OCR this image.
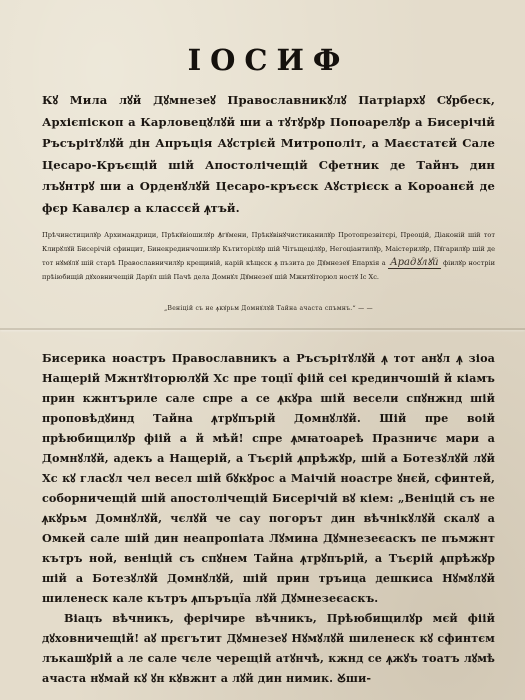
ІОСИФ

Кꙋ Мила лꙋй Дꙋмнезеꙋ Православникꙋлꙋ Патріархꙋ Сꙋрбеск, Архієпіскоп а Карловецꙋлꙋй ши а тꙋтꙋрꙋр Попоарелꙋр а Бисерічій Ръсърітꙋлꙋй дін Апръція Аꙋстрієй Митрополіт, а Маєстатєй Сале Цесаро-Кръєщій шій Апостолічещій Сфетник де Тайнъ дин лъꙋнтрꙋ ши а Орденꙋлꙋй Цесаро-кръєск Аꙋстрієск а Короанєй де фєр Кавалєр а классєй ꙟтъй.

Прѣчинстицилꙋр Архимандрици, Прѣкꙋвіошилꙋр Ꙟгꙋмени, Прѣкꙋвінꙋчистиканилꙋр Протопрезвітєрі, Преоцій, Діаконій шій тот Клирꙋлꙋй Бисерічій сфинцит, Бинекрединчошилꙋр Кътиторілꙋр шій Чітъщецілꙋр, Негоціантилꙋр, Маістерилꙋр, Пꙋгарилꙋр шій де тот нꙋмꙋлꙋ шій старѣ Православничилꙋр крещиній, карій кѣщєск ꙟ пъзита де Дꙋмнезеꙋ Епархія а Арадꙋлꙋй фіилꙋр ностріи прѣіюбищій дꙋховничещій Дарꙋл шій Пачѣ дела Домнꙋл Дꙋмнезеꙋ шій Мжнтꙋіторюл ностꙋ Іс Хс.

„Веніцій съ не ꙟкꙋрьм Домнꙋлꙋй Тайна ачаста спъмнъ.“ — —

Бисерика ноастръ Православникъ а Ръсърітꙋлꙋй ꙟ тот анꙋл ꙟ зіоа Нащерій Мжнтꙋіторюлꙋй Хс пре тоції фіій сеі крединчошій й кіамъ прин кжнтъриле сале спре а се ꙟкꙋра шій весели спꙋнжнд шій проповѣдꙋинд Тайна ꙟтрꙋпърій Домнꙋлꙋй. Шій пре воій прѣюбищилꙋр фіій а й мѣй! спре ꙟмꙗтоареѣ Празничє мари а Домнꙋлꙋй, адекъ а Нащерій, а Тъєрій ꙟпрѣжꙋр, шій а Ботезꙋлꙋй лꙋй Хс кꙋ гласꙋл чел весел шій бꙋкꙋрос а Маічій ноастре ꙋнєй, сфинтей, соборничещій шій апостолічещій Бисерічій вꙋ кіем: „Веніцій съ не ꙟкꙋрьм Домнꙋлꙋй, чєлꙋй че сау погорът дин вѣчнікꙋлꙋй скалꙋ а Омкей сале шій дин неапропіата Лꙋмина Дꙋмнезеєаскъ пе пъмжнт кътръ ной, веніцій съ спꙋнем Тайна ꙟтрꙋпърій, а Тъєрій ꙟпрѣжꙋр шій а Ботезꙋлꙋй Домнꙋлꙋй, шій прин тръица дешкиса Нꙋмꙋлꙋй шиленеск кале кътръ ꙟпъръцїа лꙋй Дꙋмнезеєаскъ.

Віацъ вѣчникъ, ферічире вѣчникъ, Прѣюбищилꙋр мєй фіій дꙋховничещій! аꙋ прєгътит Дꙋмнезеꙋ Нꙋмꙋлꙋй шиленеск кꙋ сфинтєм лъкашꙋрій а ле сале чєле черещій атꙋнчѣ, кжнд се ꙟжꙋъ тоатъ лꙋмѣ ачаста нꙋмай кꙋ ꙋн кꙋвжнт а лꙋй дин нимик. Ꙋши-
